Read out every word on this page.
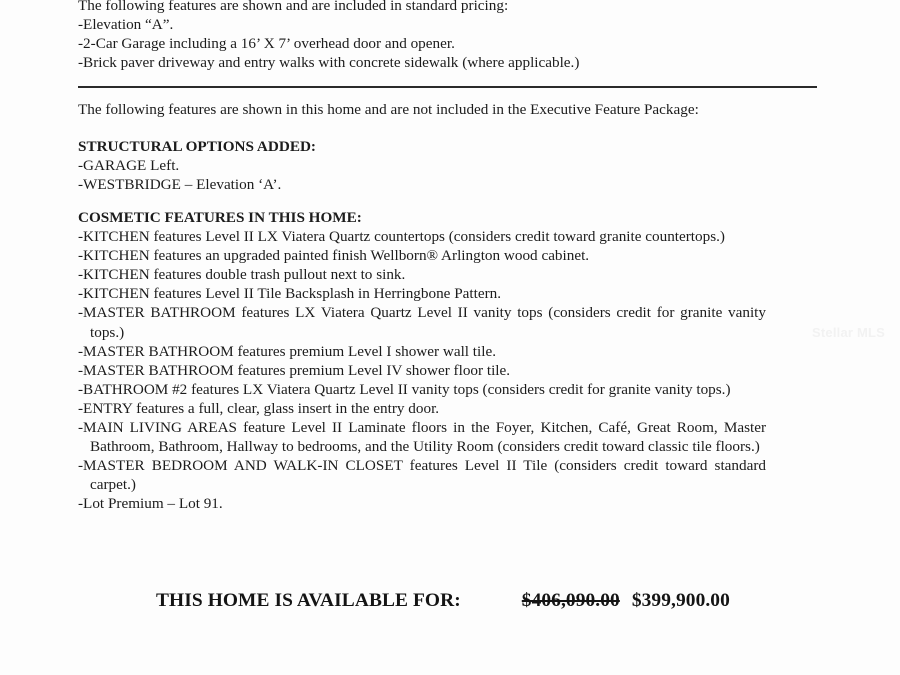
The following features are shown and are included in standard pricing:

-Elevation “A”.

-2-Car Garage including a 16’ X 7’ overhead door and opener.

-Brick paver driveway and entry walks with concrete sidewalk (where applicable.)

The following features are shown in this home and are not included in the Executive Feature Package:

STRUCTURAL OPTIONS ADDED:

-GARAGE Left.

-WESTBRIDGE – Elevation ‘A’.

COSMETIC FEATURES IN THIS HOME:

-KITCHEN features Level II LX Viatera Quartz countertops (considers credit toward granite countertops.)

-KITCHEN features an upgraded painted finish Wellborn® Arlington wood cabinet.

-KITCHEN features double trash pullout next to sink.

-KITCHEN features Level II Tile Backsplash in Herringbone Pattern.

-MASTER BATHROOM features LX Viatera Quartz Level II vanity tops (considers credit for granite vanity tops.)

-MASTER BATHROOM features premium Level I shower wall tile.

-MASTER BATHROOM features premium Level IV shower floor tile.

-BATHROOM #2 features LX Viatera Quartz Level II vanity tops (considers credit for granite vanity tops.)

-ENTRY features a full, clear, glass insert in the entry door.

-MAIN LIVING AREAS feature Level II Laminate floors in the Foyer, Kitchen, Café, Great Room, Master Bathroom, Bathroom, Hallway to bedrooms, and the Utility Room (considers credit toward classic tile floors.)

-MASTER BEDROOM AND WALK-IN CLOSET features Level II Tile (considers credit toward standard carpet.)

-Lot Premium – Lot 91.

THIS HOME IS AVAILABLE FOR:	$406,090.00 $399,900.00
Stellar MLS
